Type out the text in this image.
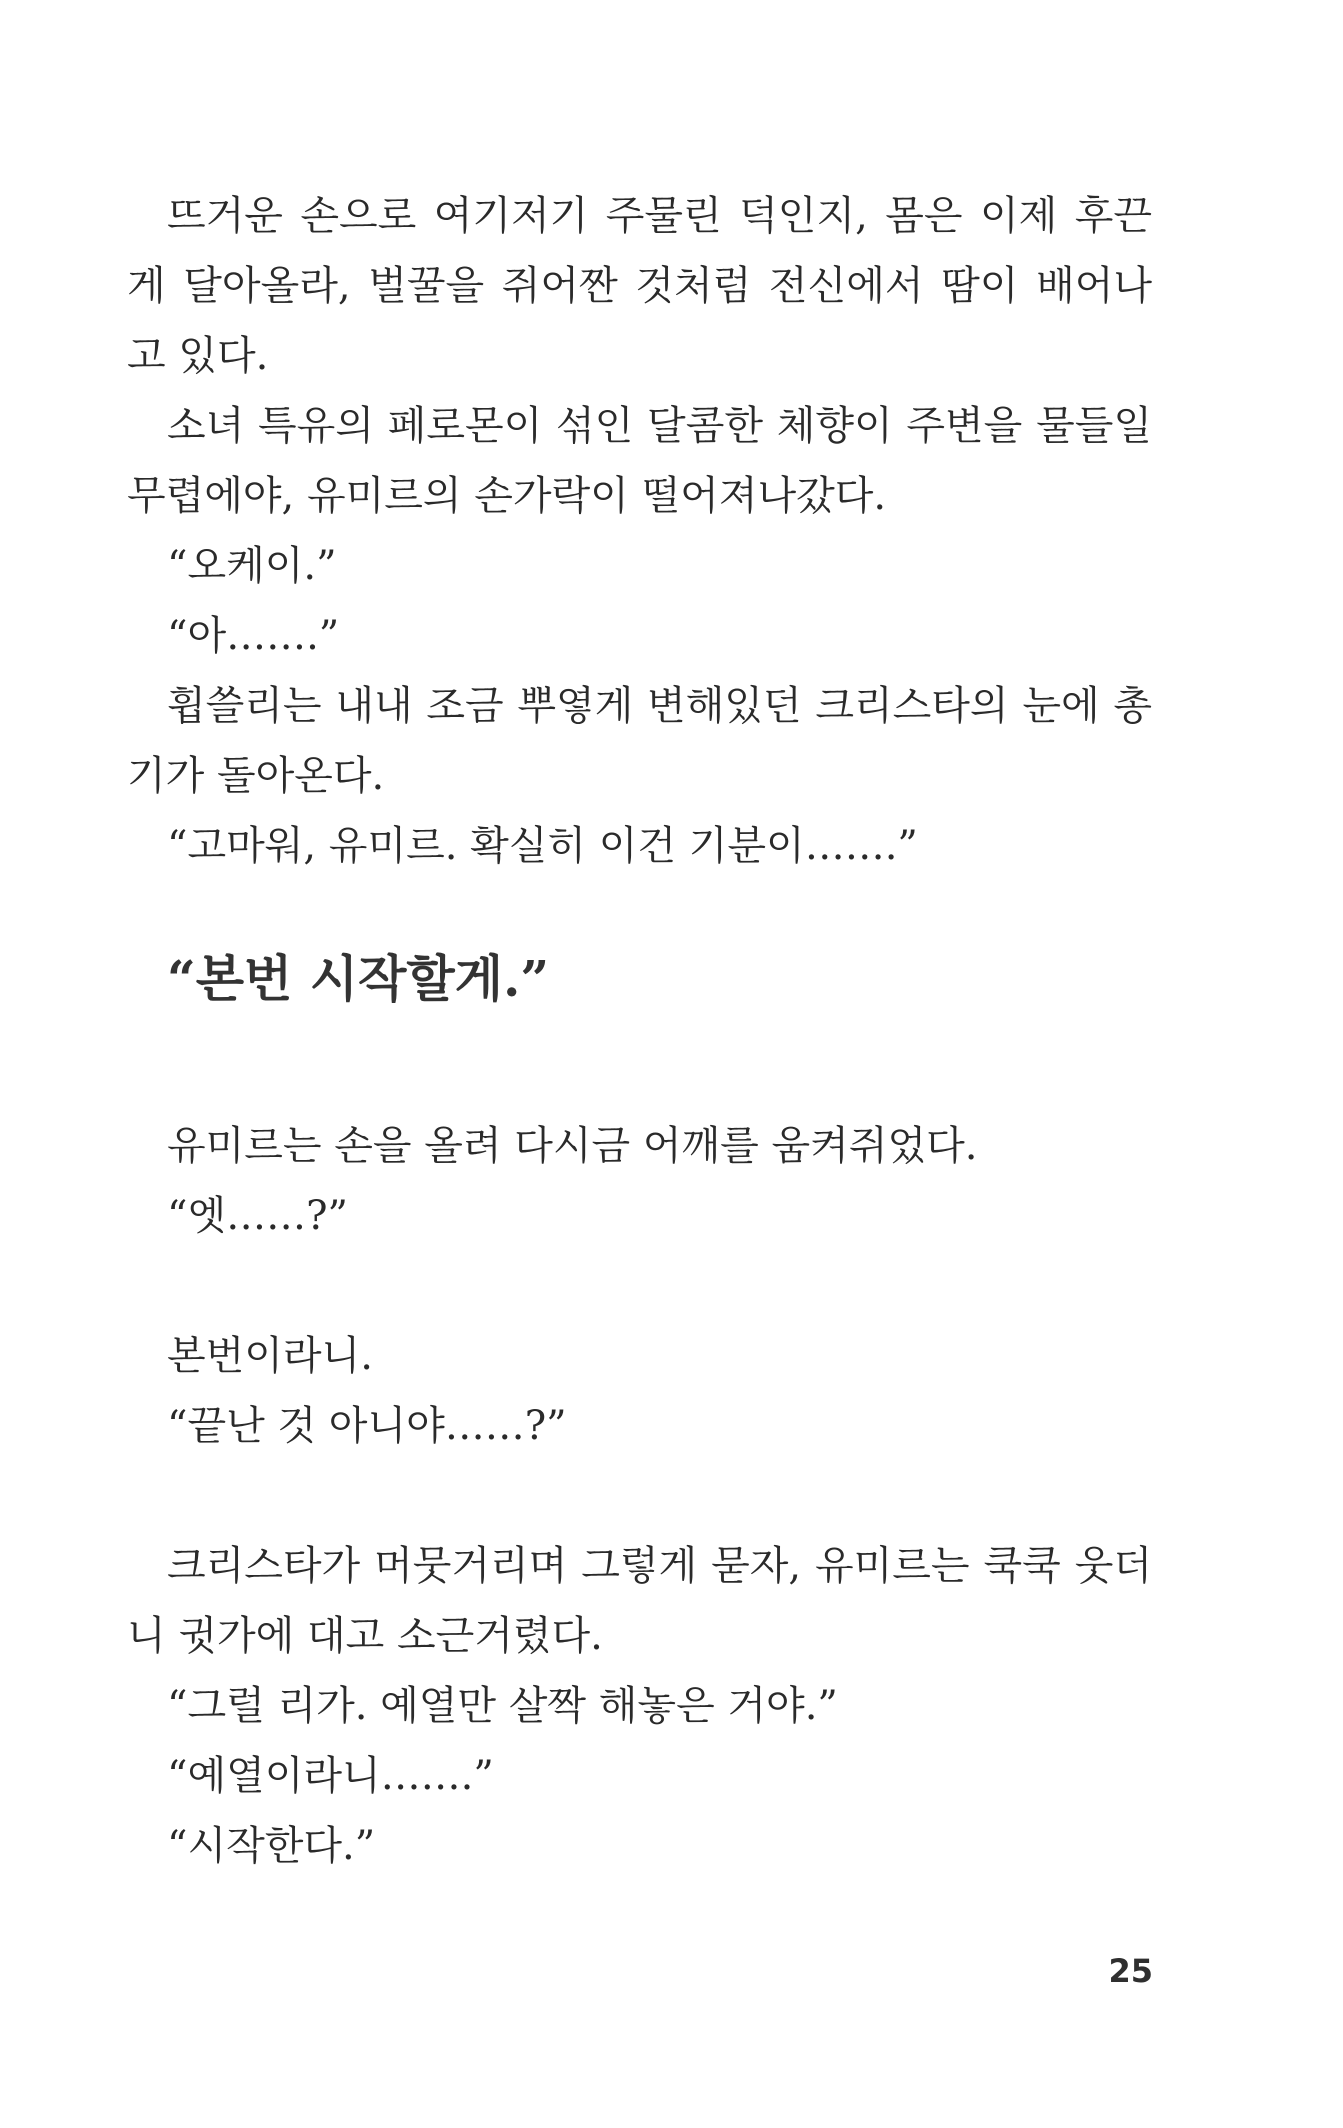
뜨거운 손으로 여기저기 주물린 덕인지, 몸은 이제 후끈
게 달아올라, 벌꿀을 쥐어짠 것처럼 전신에서 땀이 배어나
고 있다.
소녀 특유의 페로몬이 섞인 달콤한 체향이 주변을 물들일
무렵에야, 유미르의 손가락이 떨어져나갔다.
“오케이.”
“아…….”
휩쓸리는 내내 조금 뿌옇게 변해있던 크리스타의 눈에 총
기가 돌아온다.
“고마워, 유미르. 확실히 이건 기분이…….”
“본번 시작할게.”
유미르는 손을 올려 다시금 어깨를 움켜쥐었다.
“엣……?”
본번이라니.
“끝난 것 아니야……?”
크리스타가 머뭇거리며 그렇게 묻자, 유미르는 쿡쿡 웃더
니 귓가에 대고 소근거렸다.
“그럴 리가. 예열만 살짝 해놓은 거야.”
“예열이라니…….”
“시작한다.”
25
